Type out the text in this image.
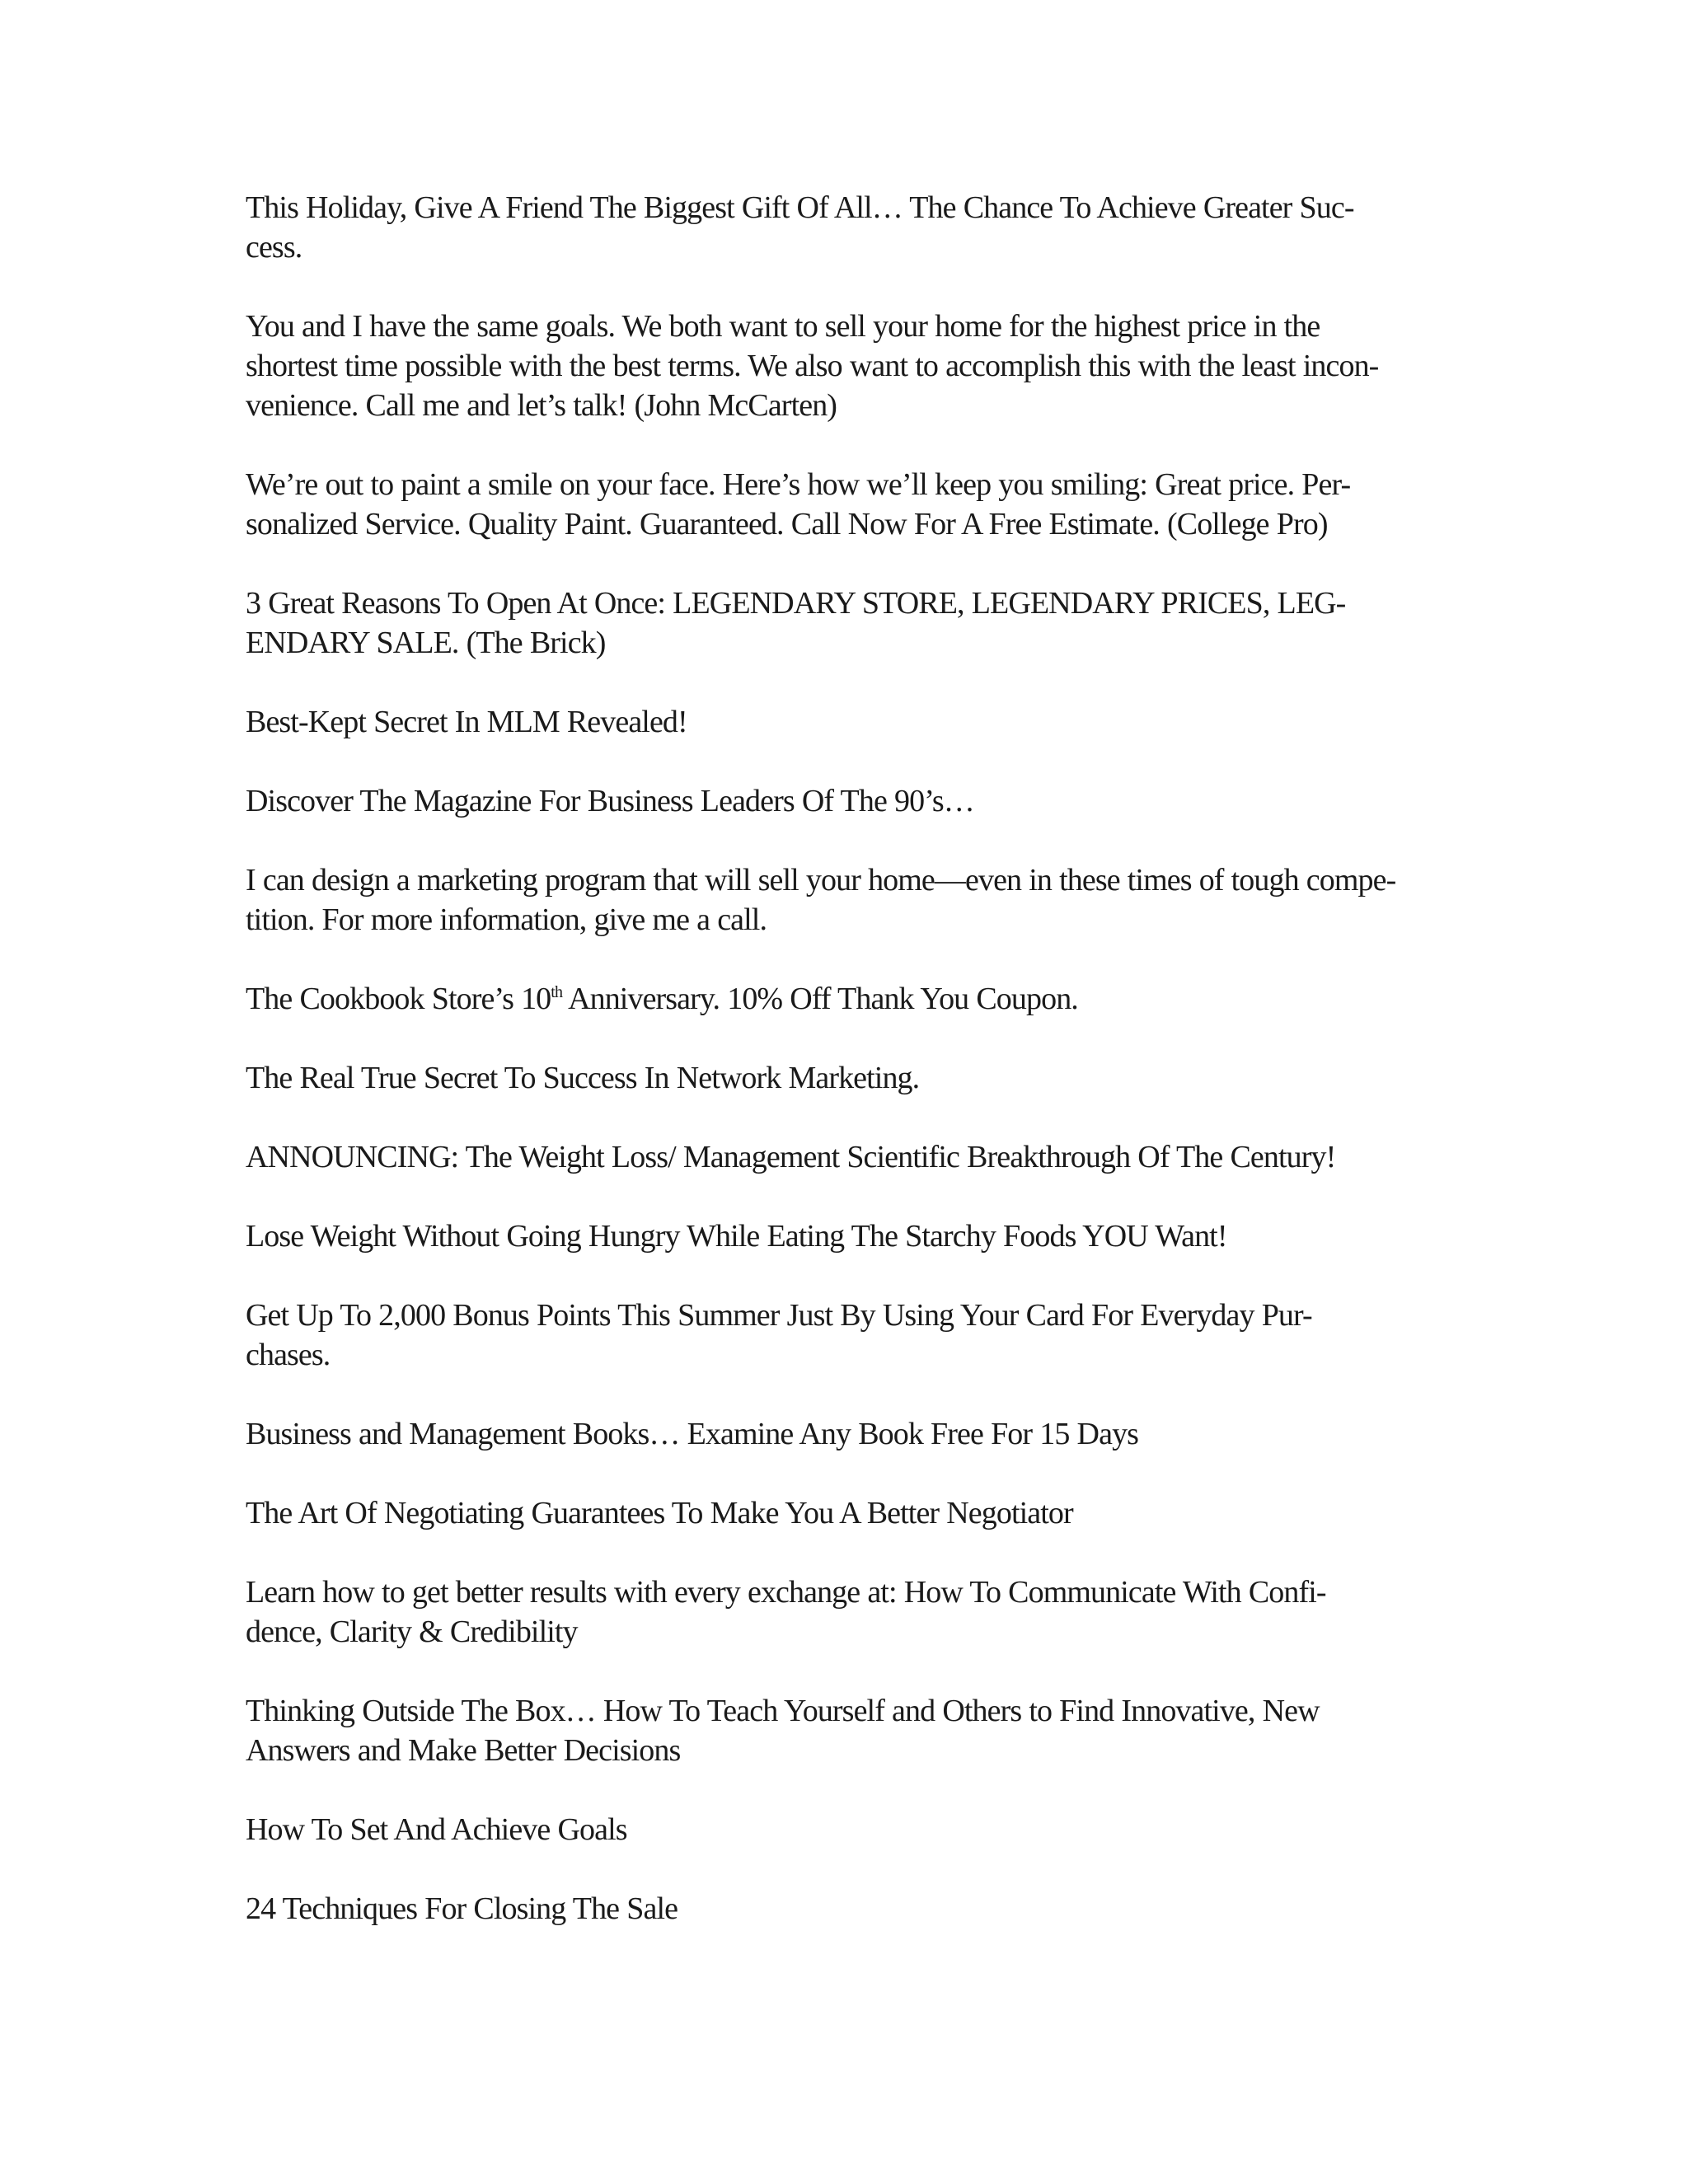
This Holiday, Give A Friend The Biggest Gift Of All… The Chance To Achieve Greater Suc-
cess.

You and I have the same goals. We both want to sell your home for the highest price in the
shortest time possible with the best terms. We also want to accomplish this with the least incon-
venience. Call me and let’s talk! (John McCarten)

We’re out to paint a smile on your face. Here’s how we’ll keep you smiling: Great price. Per-
sonalized Service. Quality Paint. Guaranteed. Call Now For A Free Estimate. (College Pro)

3 Great Reasons To Open At Once: LEGENDARY STORE, LEGENDARY PRICES, LEG-
ENDARY SALE. (The Brick)

Best-Kept Secret In MLM Revealed!

Discover The Magazine For Business Leaders Of The 90’s…

I can design a marketing program that will sell your home—even in these times of tough compe-
tition. For more information, give me a call.

The Cookbook Store’s 10th Anniversary. 10% Off Thank You Coupon.

The Real True Secret To Success In Network Marketing.

ANNOUNCING: The Weight Loss/ Management Scientific Breakthrough Of The Century!

Lose Weight Without Going Hungry While Eating The Starchy Foods YOU Want!

Get Up To 2,000 Bonus Points This Summer Just By Using Your Card For Everyday Pur-
chases.

Business and Management Books… Examine Any Book Free For 15 Days

The Art Of Negotiating Guarantees To Make You A Better Negotiator

Learn how to get better results with every exchange at: How To Communicate With Confi-
dence, Clarity & Credibility

Thinking Outside The Box… How To Teach Yourself and Others to Find Innovative, New
Answers and Make Better Decisions

How To Set And Achieve Goals

24 Techniques For Closing The Sale
